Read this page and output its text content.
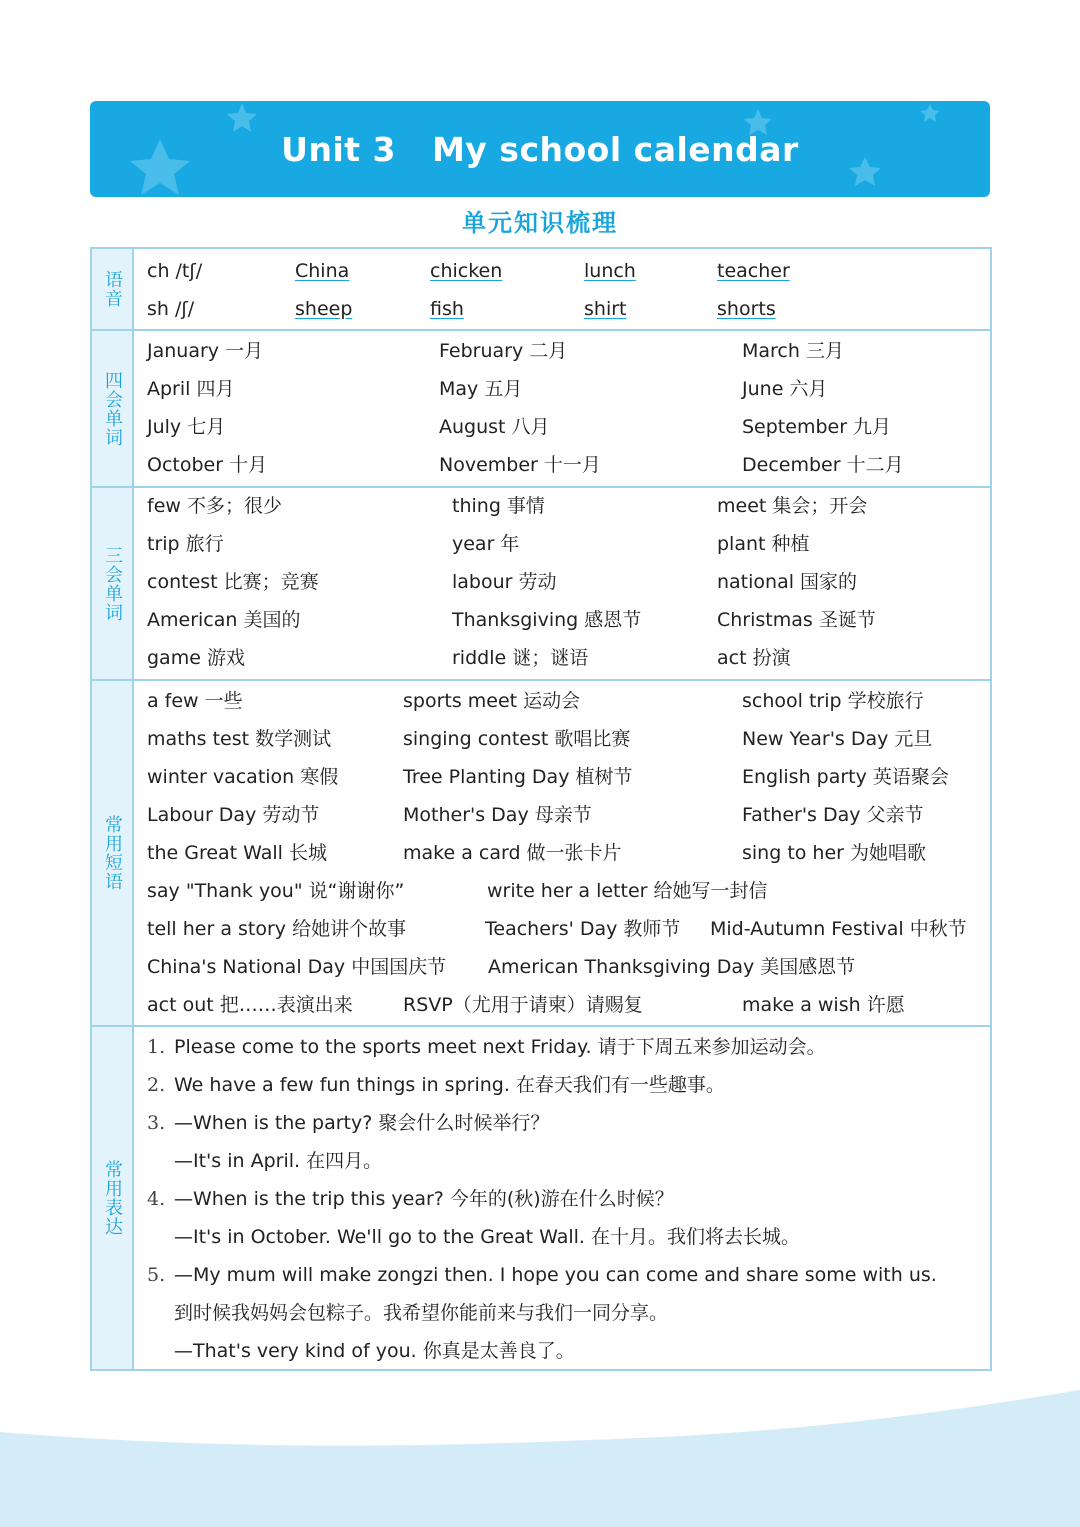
Unit 3   My school calendar
单元知识梳理
语音 ch /tʃ/	China	chicken	lunch	teacher
sh /ʃ/	sheep	fish	shirt	shorts
四会单词
January 一月	February 二月	March 三月
April 四月	May 五月	June 六月
July 七月	August 八月	September 九月
October 十月	November 十一月	December 十二月
三会单词
few 不多；很少	thing 事情	meet 集会；开会
trip 旅行	year 年	plant 种植
contest 比赛；竞赛	labour 劳动	national 国家的
American 美国的	Thanksgiving 感恩节	Christmas 圣诞节
game 游戏	riddle 谜；谜语	act 扮演
常用短语
a few 一些	sports meet 运动会	school trip 学校旅行
maths test 数学测试	singing contest 歌唱比赛	New Year's Day 元旦
winter vacation 寒假	Tree Planting Day 植树节	English party 英语聚会
Labour Day 劳动节	Mother's Day 母亲节	Father's Day 父亲节
the Great Wall 长城	make a card 做一张卡片	sing to her 为她唱歌
say "Thank you" 说“谢谢你”	write her a letter 给她写一封信
tell her a story 给她讲个故事	Teachers' Day 教师节 Mid-Autumn Festival 中秋节
China's National Day 中国国庆节 American Thanksgiving Day 美国感恩节
act out 把……表演出来	RSVP（尤用于请柬）请赐复	make a wish 许愿
常用表达
1. Please come to the sports meet next Friday. 请于下周五来参加运动会。
2. We have a few fun things in spring. 在春天我们有一些趣事。
3. —When is the party? 聚会什么时候举行？
—It's in April. 在四月。
4. —When is the trip this year? 今年的(秋)游在什么时候？
—It's in October. We'll go to the Great Wall. 在十月。我们将去长城。
5. —My mum will make zongzi then. I hope you can come and share some with us.
到时候我妈妈会包粽子。我希望你能前来与我们一同分享。
—That's very kind of you. 你真是太善良了。
